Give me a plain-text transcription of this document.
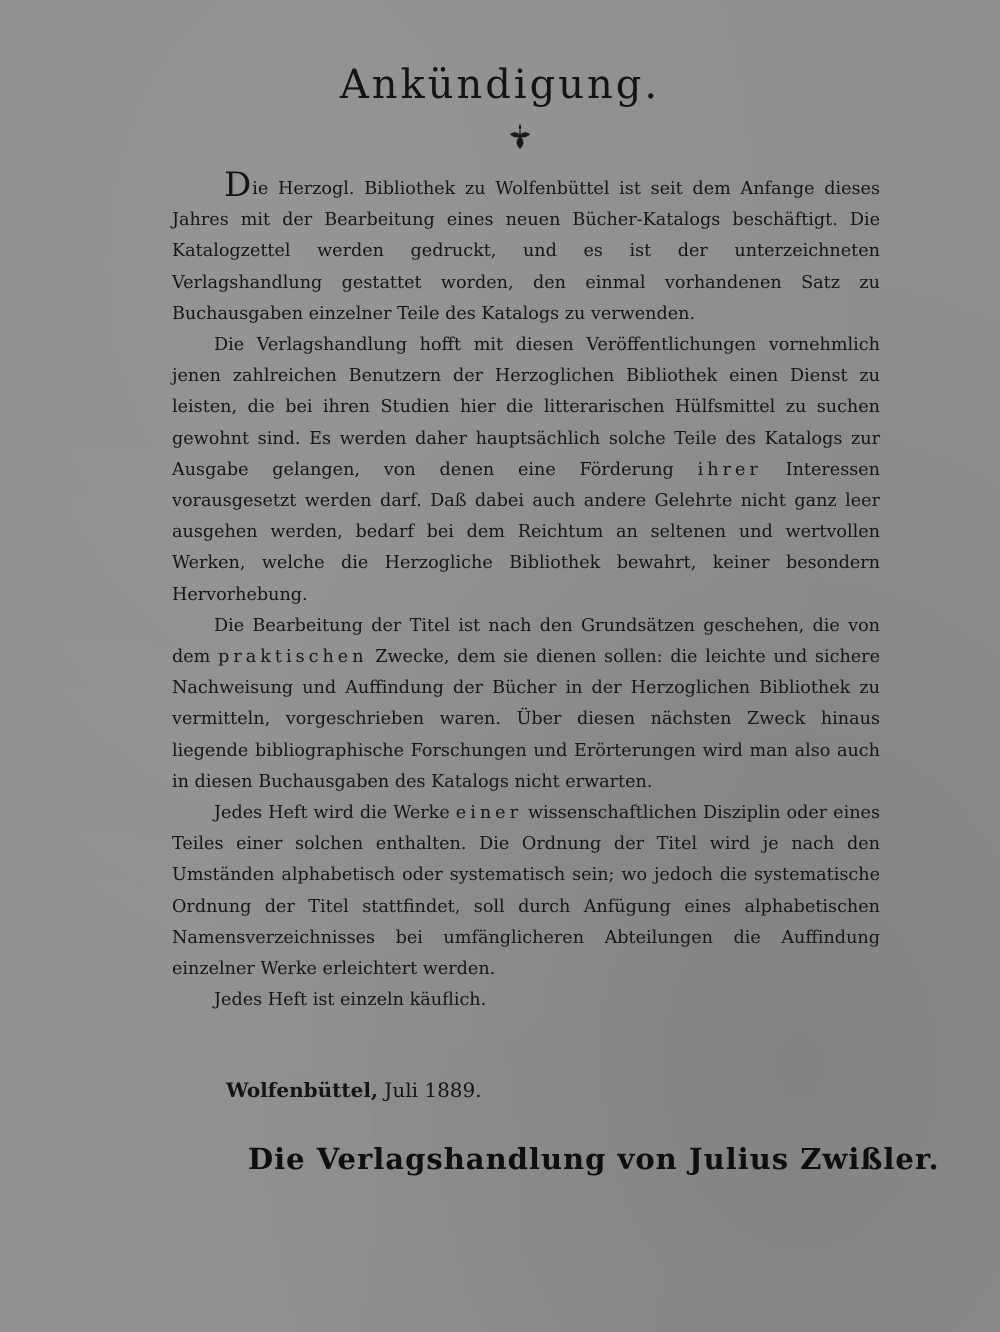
Ankündigung.

Die Herzogl. Bibliothek zu Wolfenbüttel ist seit dem Anfange dieses Jahres mit der Bearbeitung eines neuen Bücher-Katalogs beschäftigt. Die Katalogzettel werden gedruckt, und es ist der unterzeichneten Verlagshandlung gestattet worden, den einmal vorhandenen Satz zu Buchausgaben einzelner Teile des Katalogs zu verwenden.

Die Verlagshandlung hofft mit diesen Veröffentlichungen vornehmlich jenen zahlreichen Benutzern der Herzoglichen Bibliothek einen Dienst zu leisten, die bei ihren Studien hier die litterarischen Hülfsmittel zu suchen gewohnt sind. Es werden daher hauptsächlich solche Teile des Katalogs zur Ausgabe gelangen, von denen eine Förderung ihrer Interessen vorausgesetzt werden darf. Daß dabei auch andere Gelehrte nicht ganz leer ausgehen werden, bedarf bei dem Reichtum an seltenen und wertvollen Werken, welche die Herzogliche Bibliothek bewahrt, keiner besondern Hervorhebung.

Die Bearbeitung der Titel ist nach den Grundsätzen geschehen, die von dem praktischen Zwecke, dem sie dienen sollen: die leichte und sichere Nachweisung und Auffindung der Bücher in der Herzoglichen Bibliothek zu vermitteln, vorgeschrieben waren. Über diesen nächsten Zweck hinaus liegende bibliographische Forschungen und Erörterungen wird man also auch in diesen Buchausgaben des Katalogs nicht erwarten.

Jedes Heft wird die Werke einer wissenschaftlichen Disziplin oder eines Teiles einer solchen enthalten. Die Ordnung der Titel wird je nach den Umständen alphabetisch oder systematisch sein; wo jedoch die systematische Ordnung der Titel stattfindet, soll durch Anfügung eines alphabetischen Namensverzeichnisses bei umfänglicheren Abteilungen die Auffindung einzelner Werke erleichtert werden.

Jedes Heft ist einzeln käuflich.

Wolfenbüttel, Juli 1889.
Die Verlagshandlung von Julius Zwißler.
